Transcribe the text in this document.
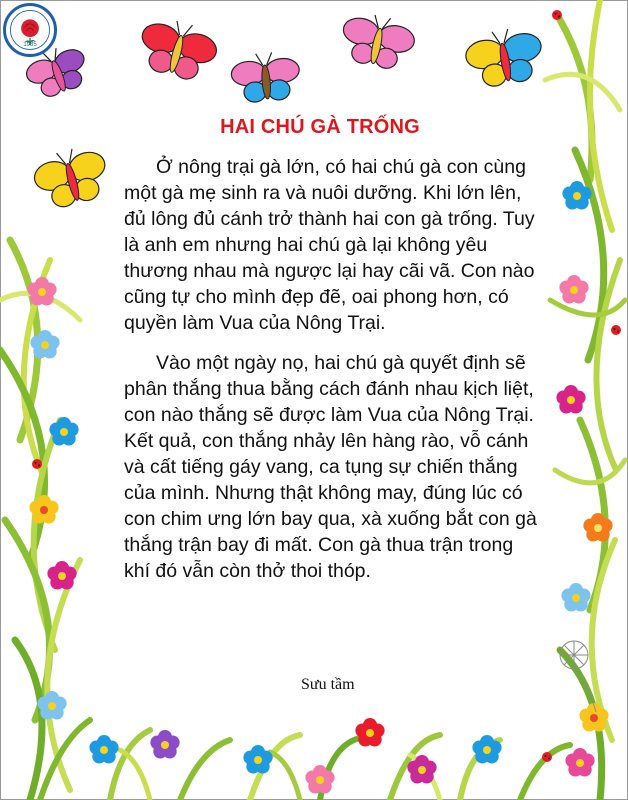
1985
HAI CHÚ GÀ TRỐNG

Ở nông trại gà lớn, có hai chú gà con cùng một gà mẹ sinh ra và nuôi dưỡng. Khi lớn lên, đủ lông đủ cánh trở thành hai con gà trống. Tuy là anh em nhưng hai chú gà lại không yêu thương nhau mà ngược lại hay cãi vã. Con nào cũng tự cho mình đẹp đẽ, oai phong hơn, có quyền làm Vua của Nông Trại.

Vào một ngày nọ, hai chú gà quyết định sẽ phân thắng thua bằng cách đánh nhau kịch liệt, con nào thắng sẽ được làm Vua của Nông Trại. Kết quả, con thắng nhảy lên hàng rào, vỗ cánh và cất tiếng gáy vang, ca tụng sự chiến thắng của mình. Nhưng thật không may, đúng lúc có con chim ưng lớn bay qua, xà xuống bắt con gà thắng trận bay đi mất. Con gà thua trận trong khí đó vẫn còn thở thoi thóp.

Sưu tầm
